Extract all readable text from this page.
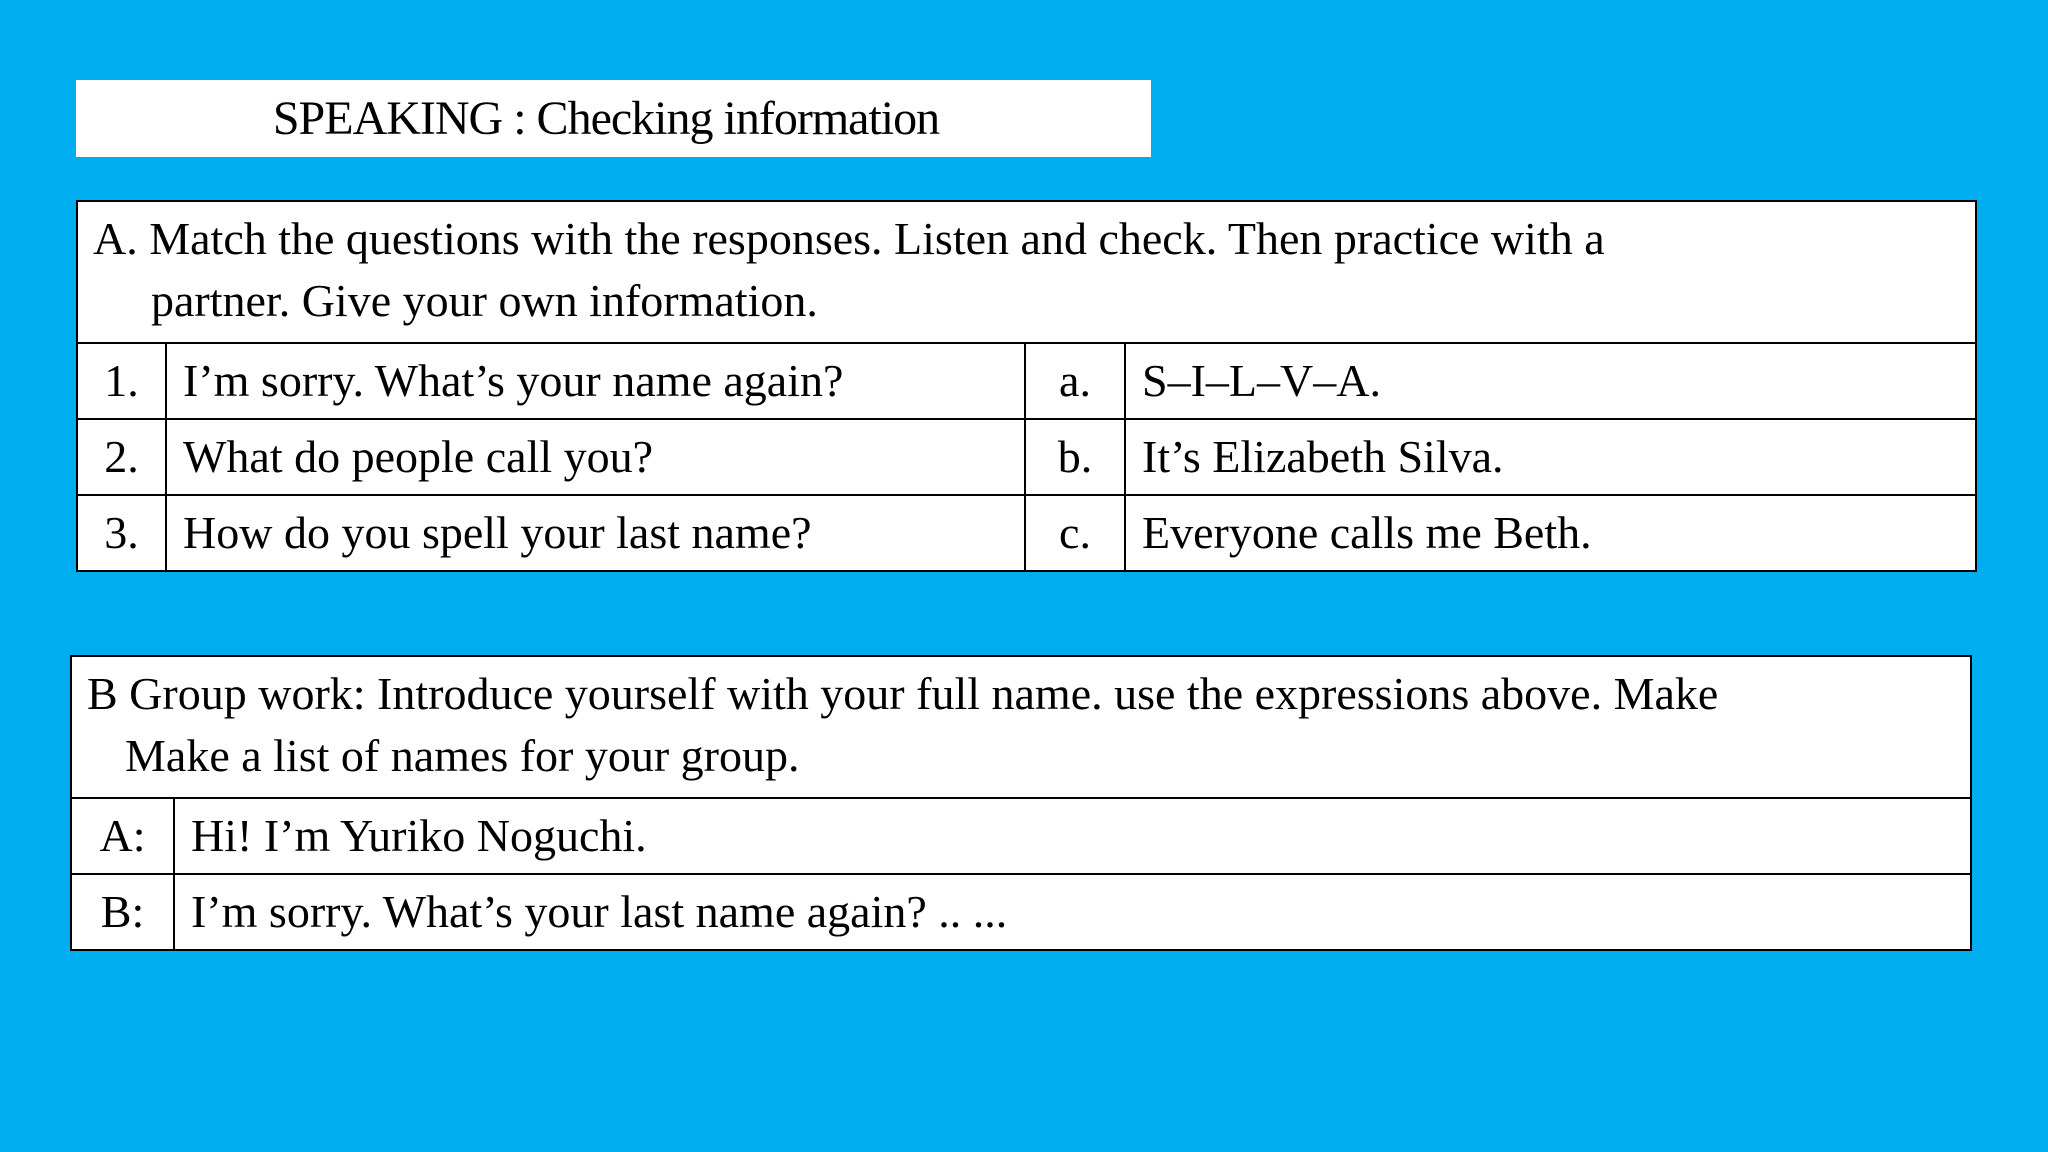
SPEAKING : Checking information
A. Match the questions with the responses. Listen and check. Then practice with a
partner. Give your own information.			

1.	I’m sorry. What’s your name again?	a.	S–I–L–V–A.
2.	What do people call you?	b.	It’s Elizabeth Silva.
3.	How do you spell your last name?	c.	Everyone calls me Beth.
B Group work: Introduce yourself with your full name. use the expressions above. Make
Make a list of names for your group.	

A:	Hi! I’m Yuriko Noguchi.
B:	I’m sorry. What’s your last name again? .. ...
